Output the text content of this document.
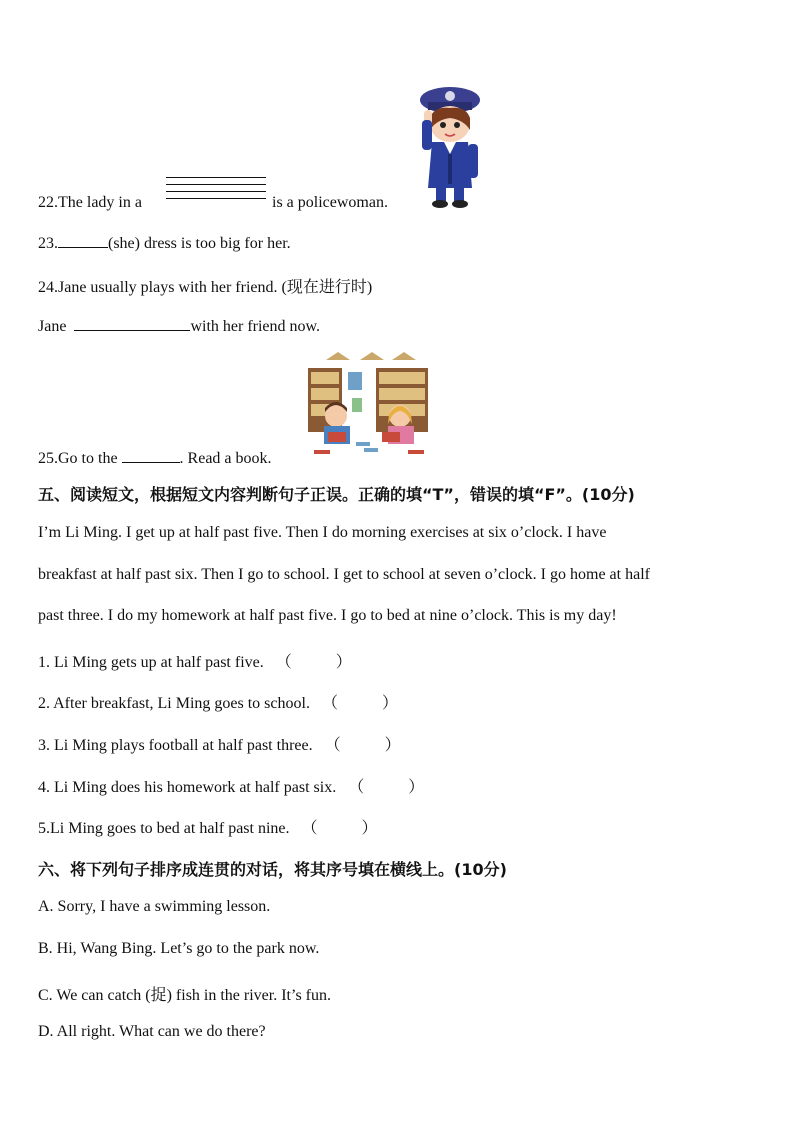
22.The lady in a	is a policewoman.
23.	(she) dress is too big for her.
24.Jane usually plays with her friend. (现在进行时)
Jane	with her friend now.
25.Go to the	. Read a book.
五、阅读短文，根据短文内容判断句子正误。正确的填“T”，错误的填“F”。(10分)
I’m Li Ming. I get up at half past five. Then I do morning exercises at six o’clock. I have
breakfast at half past six. Then I go to school. I get to school at seven o’clock. I go home at half
past three. I do my homework at half past five. I go to bed at nine o’clock. This is my day!
1. Li Ming gets up at half past five. （	）
2. After breakfast, Li Ming goes to school. （	）
3. Li Ming plays football at half past three. （	）
4. Li Ming does his homework at half past six. （	）
5.Li Ming goes to bed at half past nine. （	）
六、将下列句子排序成连贯的对话，将其序号填在横线上。(10分)
A. Sorry, I have a swimming lesson.
B. Hi, Wang Bing. Let’s go to the park now.
C. We can catch (捉) fish in the river. It’s fun.
D. All right. What can we do there?
